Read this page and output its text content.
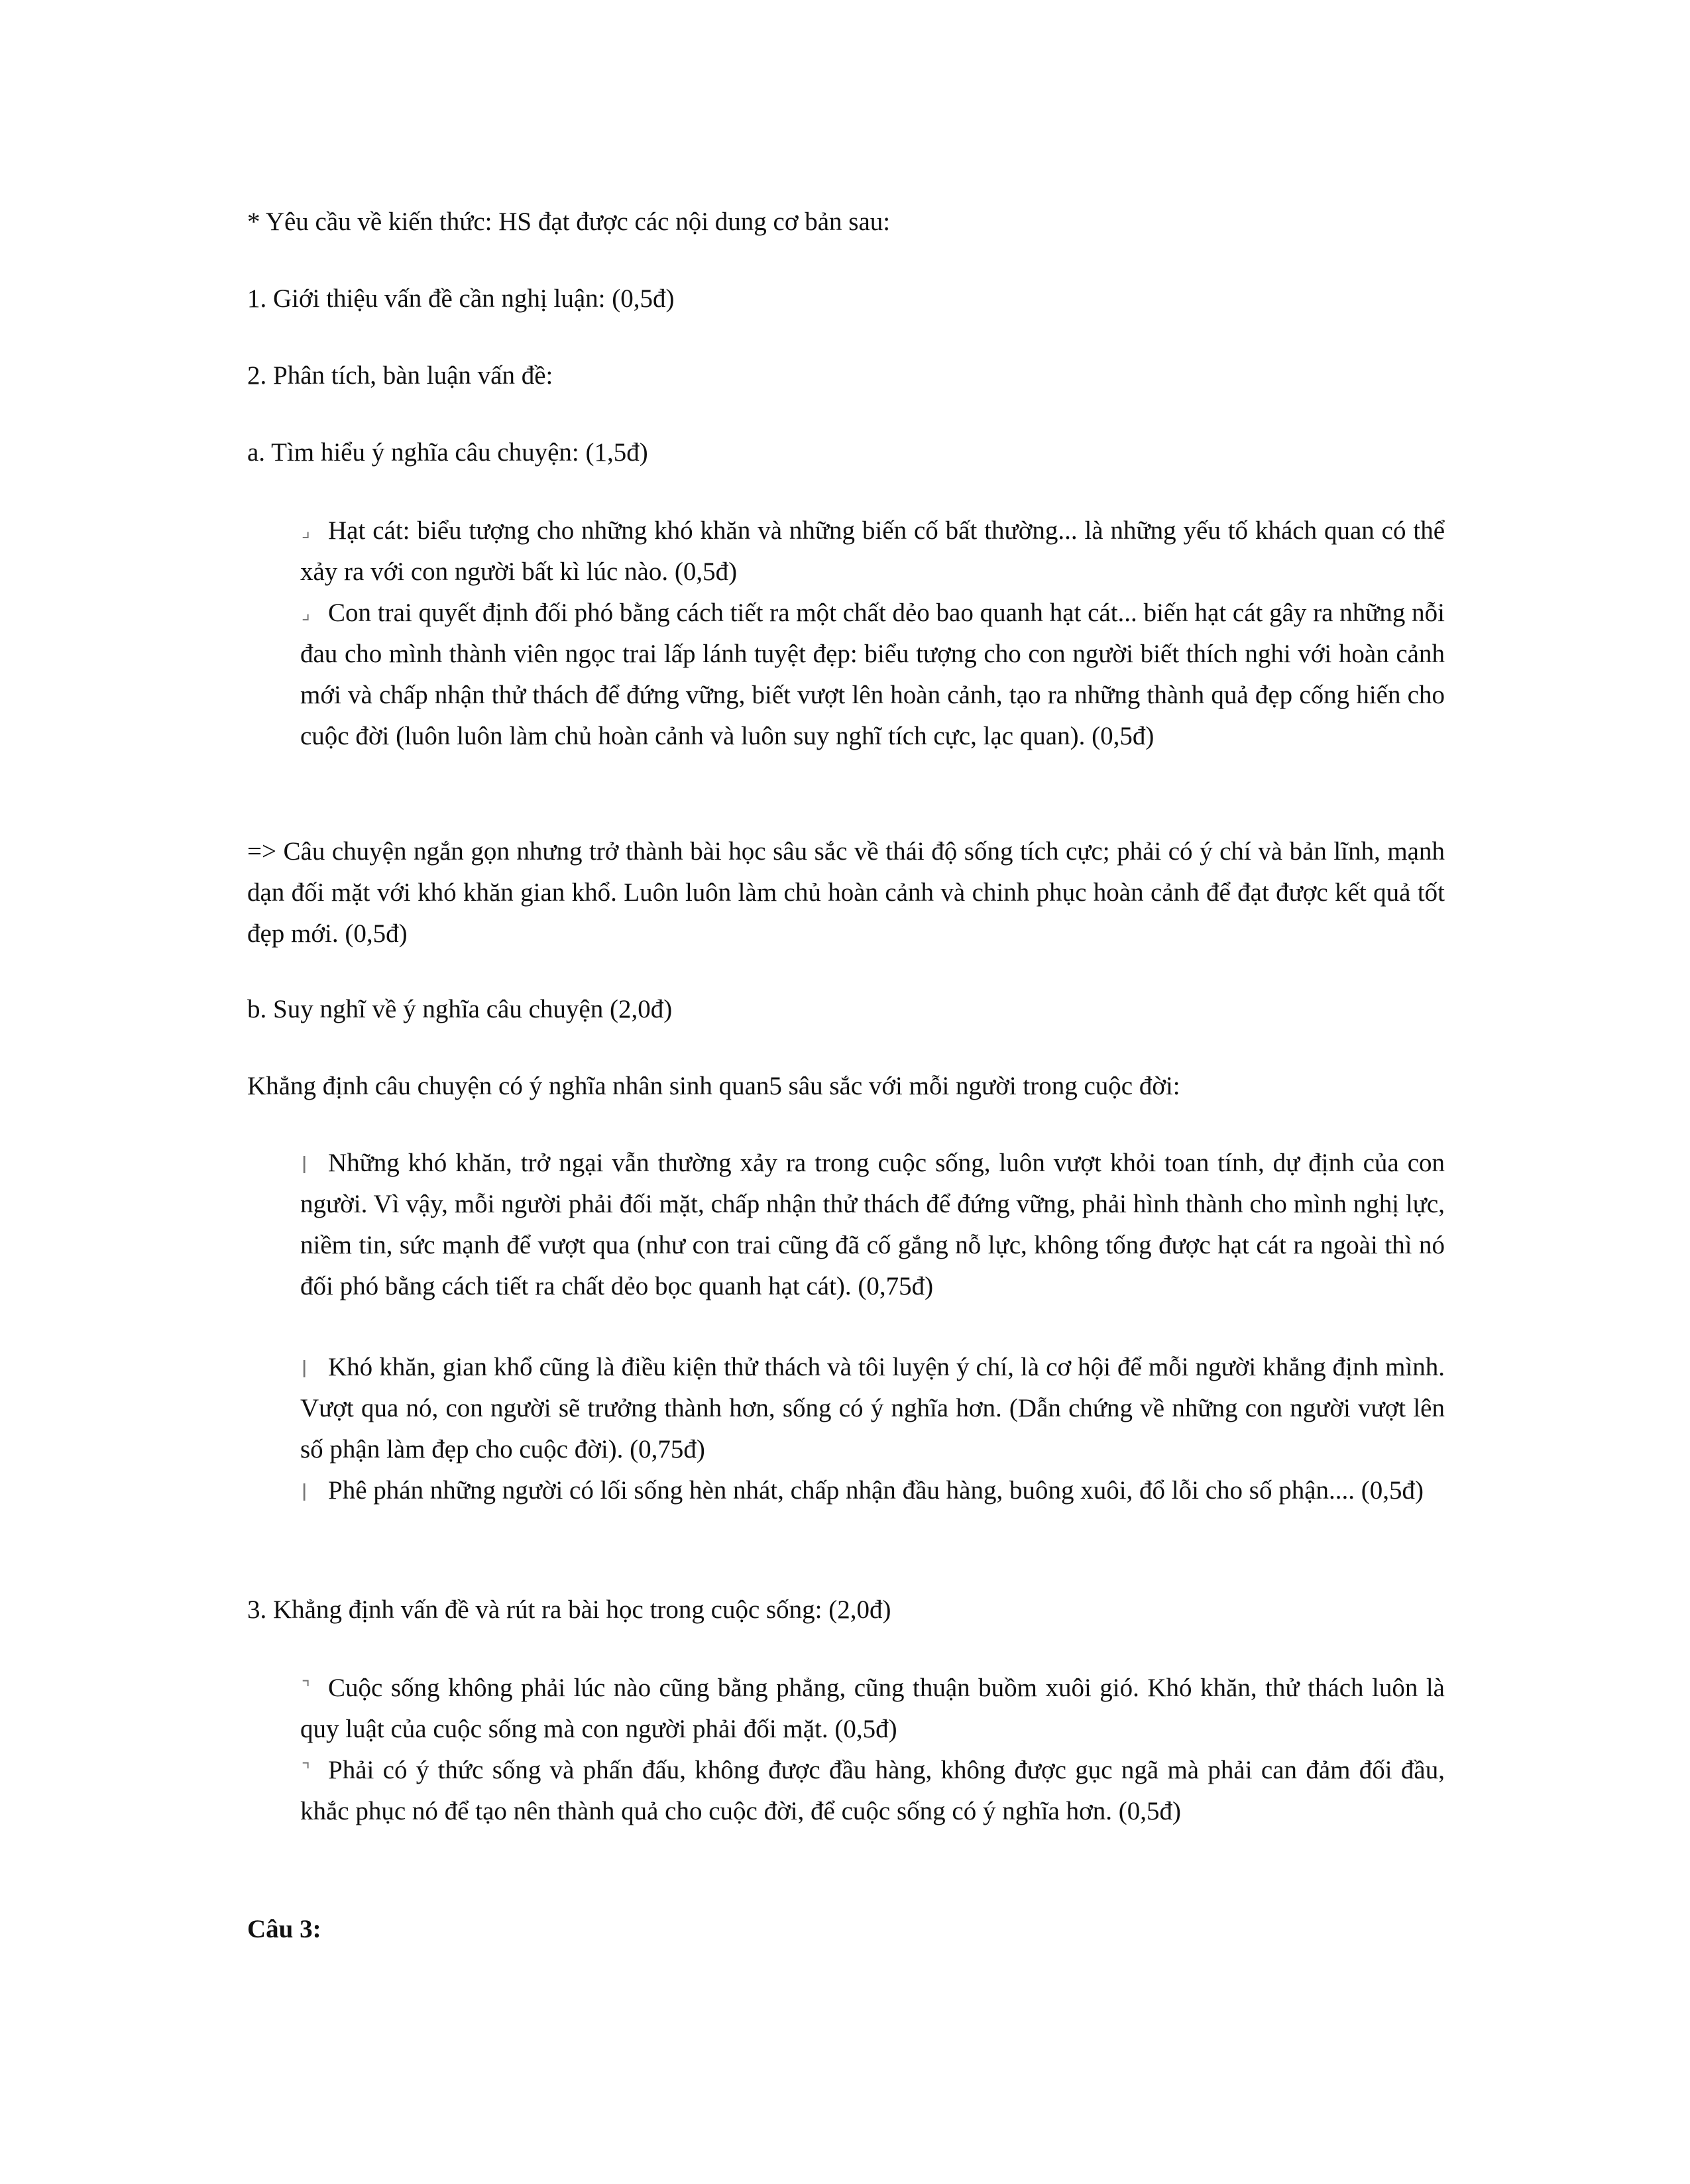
* Yêu cầu về kiến thức: HS đạt được các nội dung cơ bản sau:
1. Giới thiệu vấn đề cần nghị luận: (0,5đ)
2. Phân tích, bàn luận vấn đề:
a. Tìm hiểu ý nghĩa câu chuyện: (1,5đ)
⌟ Hạt cát: biểu tượng cho những khó khăn và những biến cố bất thường... là những yếu tố khách quan có thể xảy ra với con người bất kì lúc nào. (0,5đ)
⌟ Con trai quyết định đối phó bằng cách tiết ra một chất dẻo bao quanh hạt cát... biến hạt cát gây ra những nỗi đau cho mình thành viên ngọc trai lấp lánh tuyệt đẹp: biểu tượng cho con người biết thích nghi với hoàn cảnh mới và chấp nhận thử thách để đứng vững, biết vượt lên hoàn cảnh, tạo ra những thành quả đẹp cống hiến cho cuộc đời (luôn luôn làm chủ hoàn cảnh và luôn suy nghĩ tích cực, lạc quan). (0,5đ)
=> Câu chuyện ngắn gọn nhưng trở thành bài học sâu sắc về thái độ sống tích cực; phải có ý chí và bản lĩnh, mạnh dạn đối mặt với khó khăn gian khổ. Luôn luôn làm chủ hoàn cảnh và chinh phục hoàn cảnh để đạt được kết quả tốt đẹp mới. (0,5đ)
b. Suy nghĩ về ý nghĩa câu chuyện (2,0đ)
Khẳng định câu chuyện có ý nghĩa nhân sinh quan5 sâu sắc với mỗi người trong cuộc đời:
ǀ Những khó khăn, trở ngại vẫn thường xảy ra trong cuộc sống, luôn vượt khỏi toan tính, dự định của con người. Vì vậy, mỗi người phải đối mặt, chấp nhận thử thách để đứng vững, phải hình thành cho mình nghị lực, niềm tin, sức mạnh để vượt qua (như con trai cũng đã cố gắng nỗ lực, không tống được hạt cát ra ngoài thì nó đối phó bằng cách tiết ra chất dẻo bọc quanh hạt cát). (0,75đ)
ǀ Khó khăn, gian khổ cũng là điều kiện thử thách và tôi luyện ý chí, là cơ hội để mỗi người khẳng định mình. Vượt qua nó, con người sẽ trưởng thành hơn, sống có ý nghĩa hơn. (Dẫn chứng về những con người vượt lên số phận làm đẹp cho cuộc đời). (0,75đ)
ǀ Phê phán những người có lối sống hèn nhát, chấp nhận đầu hàng, buông xuôi, đổ lỗi cho số phận.... (0,5đ)
3. Khẳng định vấn đề và rút ra bài học trong cuộc sống: (2,0đ)
⌝ Cuộc sống không phải lúc nào cũng bằng phẳng, cũng thuận buồm xuôi gió. Khó khăn, thử thách luôn là quy luật của cuộc sống mà con người phải đối mặt. (0,5đ)
⌝ Phải có ý thức sống và phấn đấu, không được đầu hàng, không được gục ngã mà phải can đảm đối đầu, khắc phục nó để tạo nên thành quả cho cuộc đời, để cuộc sống có ý nghĩa hơn. (0,5đ)
Câu 3:
